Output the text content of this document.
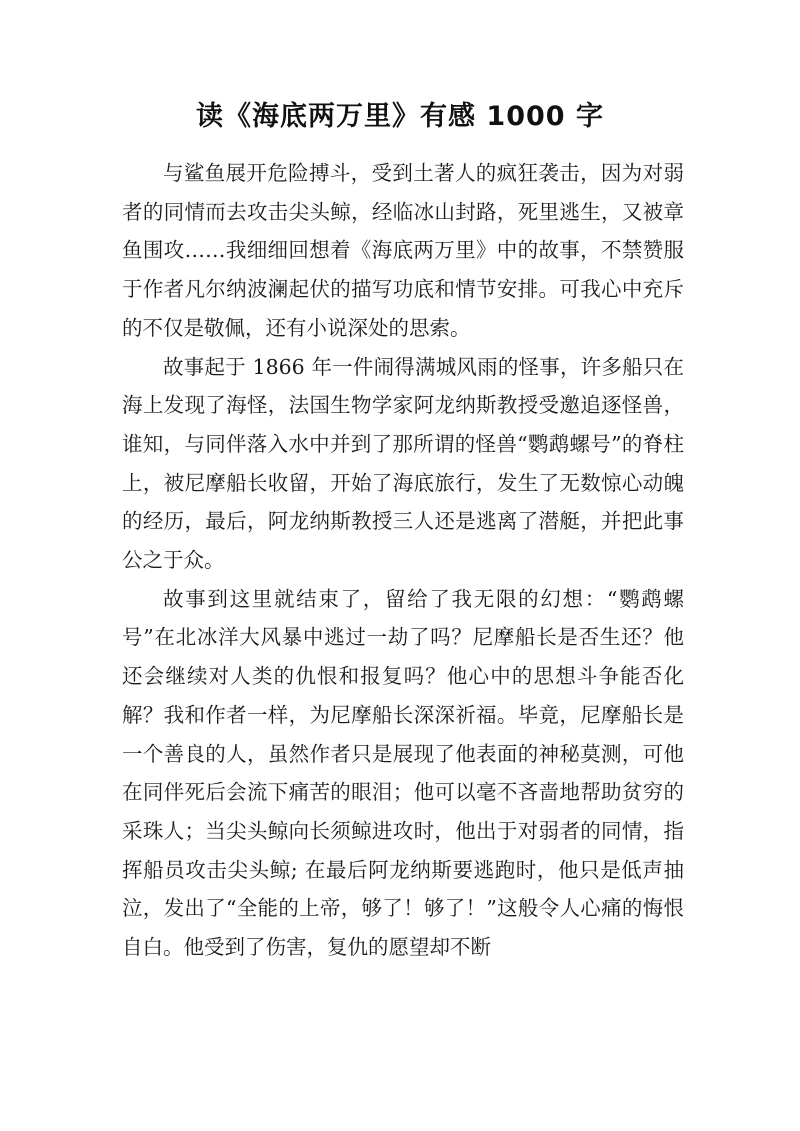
读《海底两万里》有感 1000 字

与鲨鱼展开危险搏斗，受到土著人的疯狂袭击，因为对弱者的同情而去攻击尖头鲸，经临冰山封路，死里逃生，又被章鱼围攻……我细细回想着《海底两万里》中的故事，不禁赞服于作者凡尔纳波澜起伏的描写功底和情节安排。可我心中充斥的不仅是敬佩，还有小说深处的思索。

故事起于 1866 年一件闹得满城风雨的怪事，许多船只在海上发现了海怪，法国生物学家阿龙纳斯教授受邀追逐怪兽，谁知，与同伴落入水中并到了那所谓的怪兽“鹦鹉螺号”的脊柱上，被尼摩船长收留，开始了海底旅行，发生了无数惊心动魄的经历，最后，阿龙纳斯教授三人还是逃离了潜艇，并把此事公之于众。

故事到这里就结束了，留给了我无限的幻想：“鹦鹉螺号”在北冰洋大风暴中逃过一劫了吗？尼摩船长是否生还？他还会继续对人类的仇恨和报复吗？他心中的思想斗争能否化解？我和作者一样，为尼摩船长深深祈福。毕竟，尼摩船长是一个善良的人，虽然作者只是展现了他表面的神秘莫测，可他在同伴死后会流下痛苦的眼泪；他可以毫不吝啬地帮助贫穷的采珠人；当尖头鲸向长须鲸进攻时，他出于对弱者的同情，指挥船员攻击尖头鲸; 在最后阿龙纳斯要逃跑时，他只是低声抽泣，发出了“全能的上帝，够了！够了！”这般令人心痛的悔恨自白。他受到了伤害，复仇的愿望却不断
